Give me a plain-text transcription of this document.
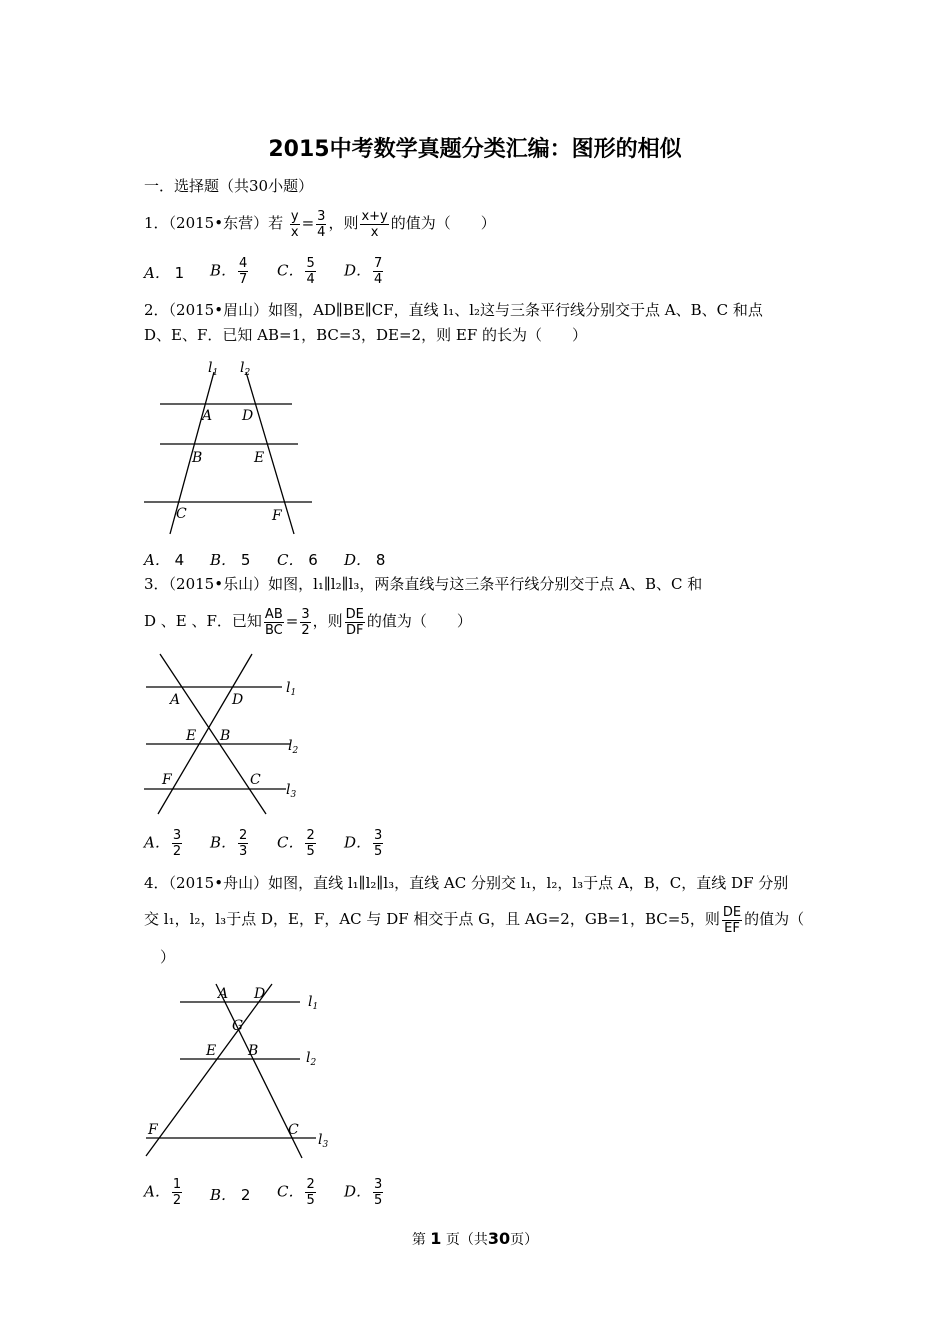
2015中考数学真题分类汇编：图形的相似
一．选择题（共30小题）
1．（2015•东营）若 $\frac{y}{x} = \frac{3}{4}$ ，则 $\frac{x+y}{x}$ 的值为（　　）
A． 1 B． $\frac{4}{7}$ C． $\frac{5}{4}$ D． $\frac{7}{4}$
2．（2015•眉山）如图，AD∥BE∥CF，直线 l₁、l₂这与三条平行线分别交于点 A、B、C 和点
D、E、F．已知 AB=1，BC=3，DE=2，则 EF 的长为（　　）
$l_1$ $l_2$
A D
B	E
C	F
A． 4 B． 5 C． 6 D． 8
3．（2015•乐山）如图，l₁∥l₂∥l₃，两条直线与这三条平行线分别交于点 A、B、C 和
D 、E 、F．已知 $\frac{AB}{BC} = \frac{3}{2}$ ，则 $\frac{DE}{DF}$ 的值为（　　）
A	D
$l_1$
E B
$l_2$
F	C
$l_3$
A． $\frac{3}{2}$ B． $\frac{2}{3}$ C． $\frac{2}{5}$ D． $\frac{3}{5}$
4．（2015•舟山）如图，直线 l₁∥l₂∥l₃，直线 AC 分别交 l₁，l₂，l₃于点 A，B，C，直线 DF 分别
交 l₁，l₂，l₃于点 D，E，F，AC 与 DF 相交于点 G，且 AG=2，GB=1，BC=5，则 $\frac{DE}{EF}$ 的值为（
）
A D	$l_1$
G
E B	$l_2$
F	C
$l_3$
A． $\frac{1}{2}$ B． 2 C． $\frac{2}{5}$ D． $\frac{3}{5}$
第 1 页（共30页）
